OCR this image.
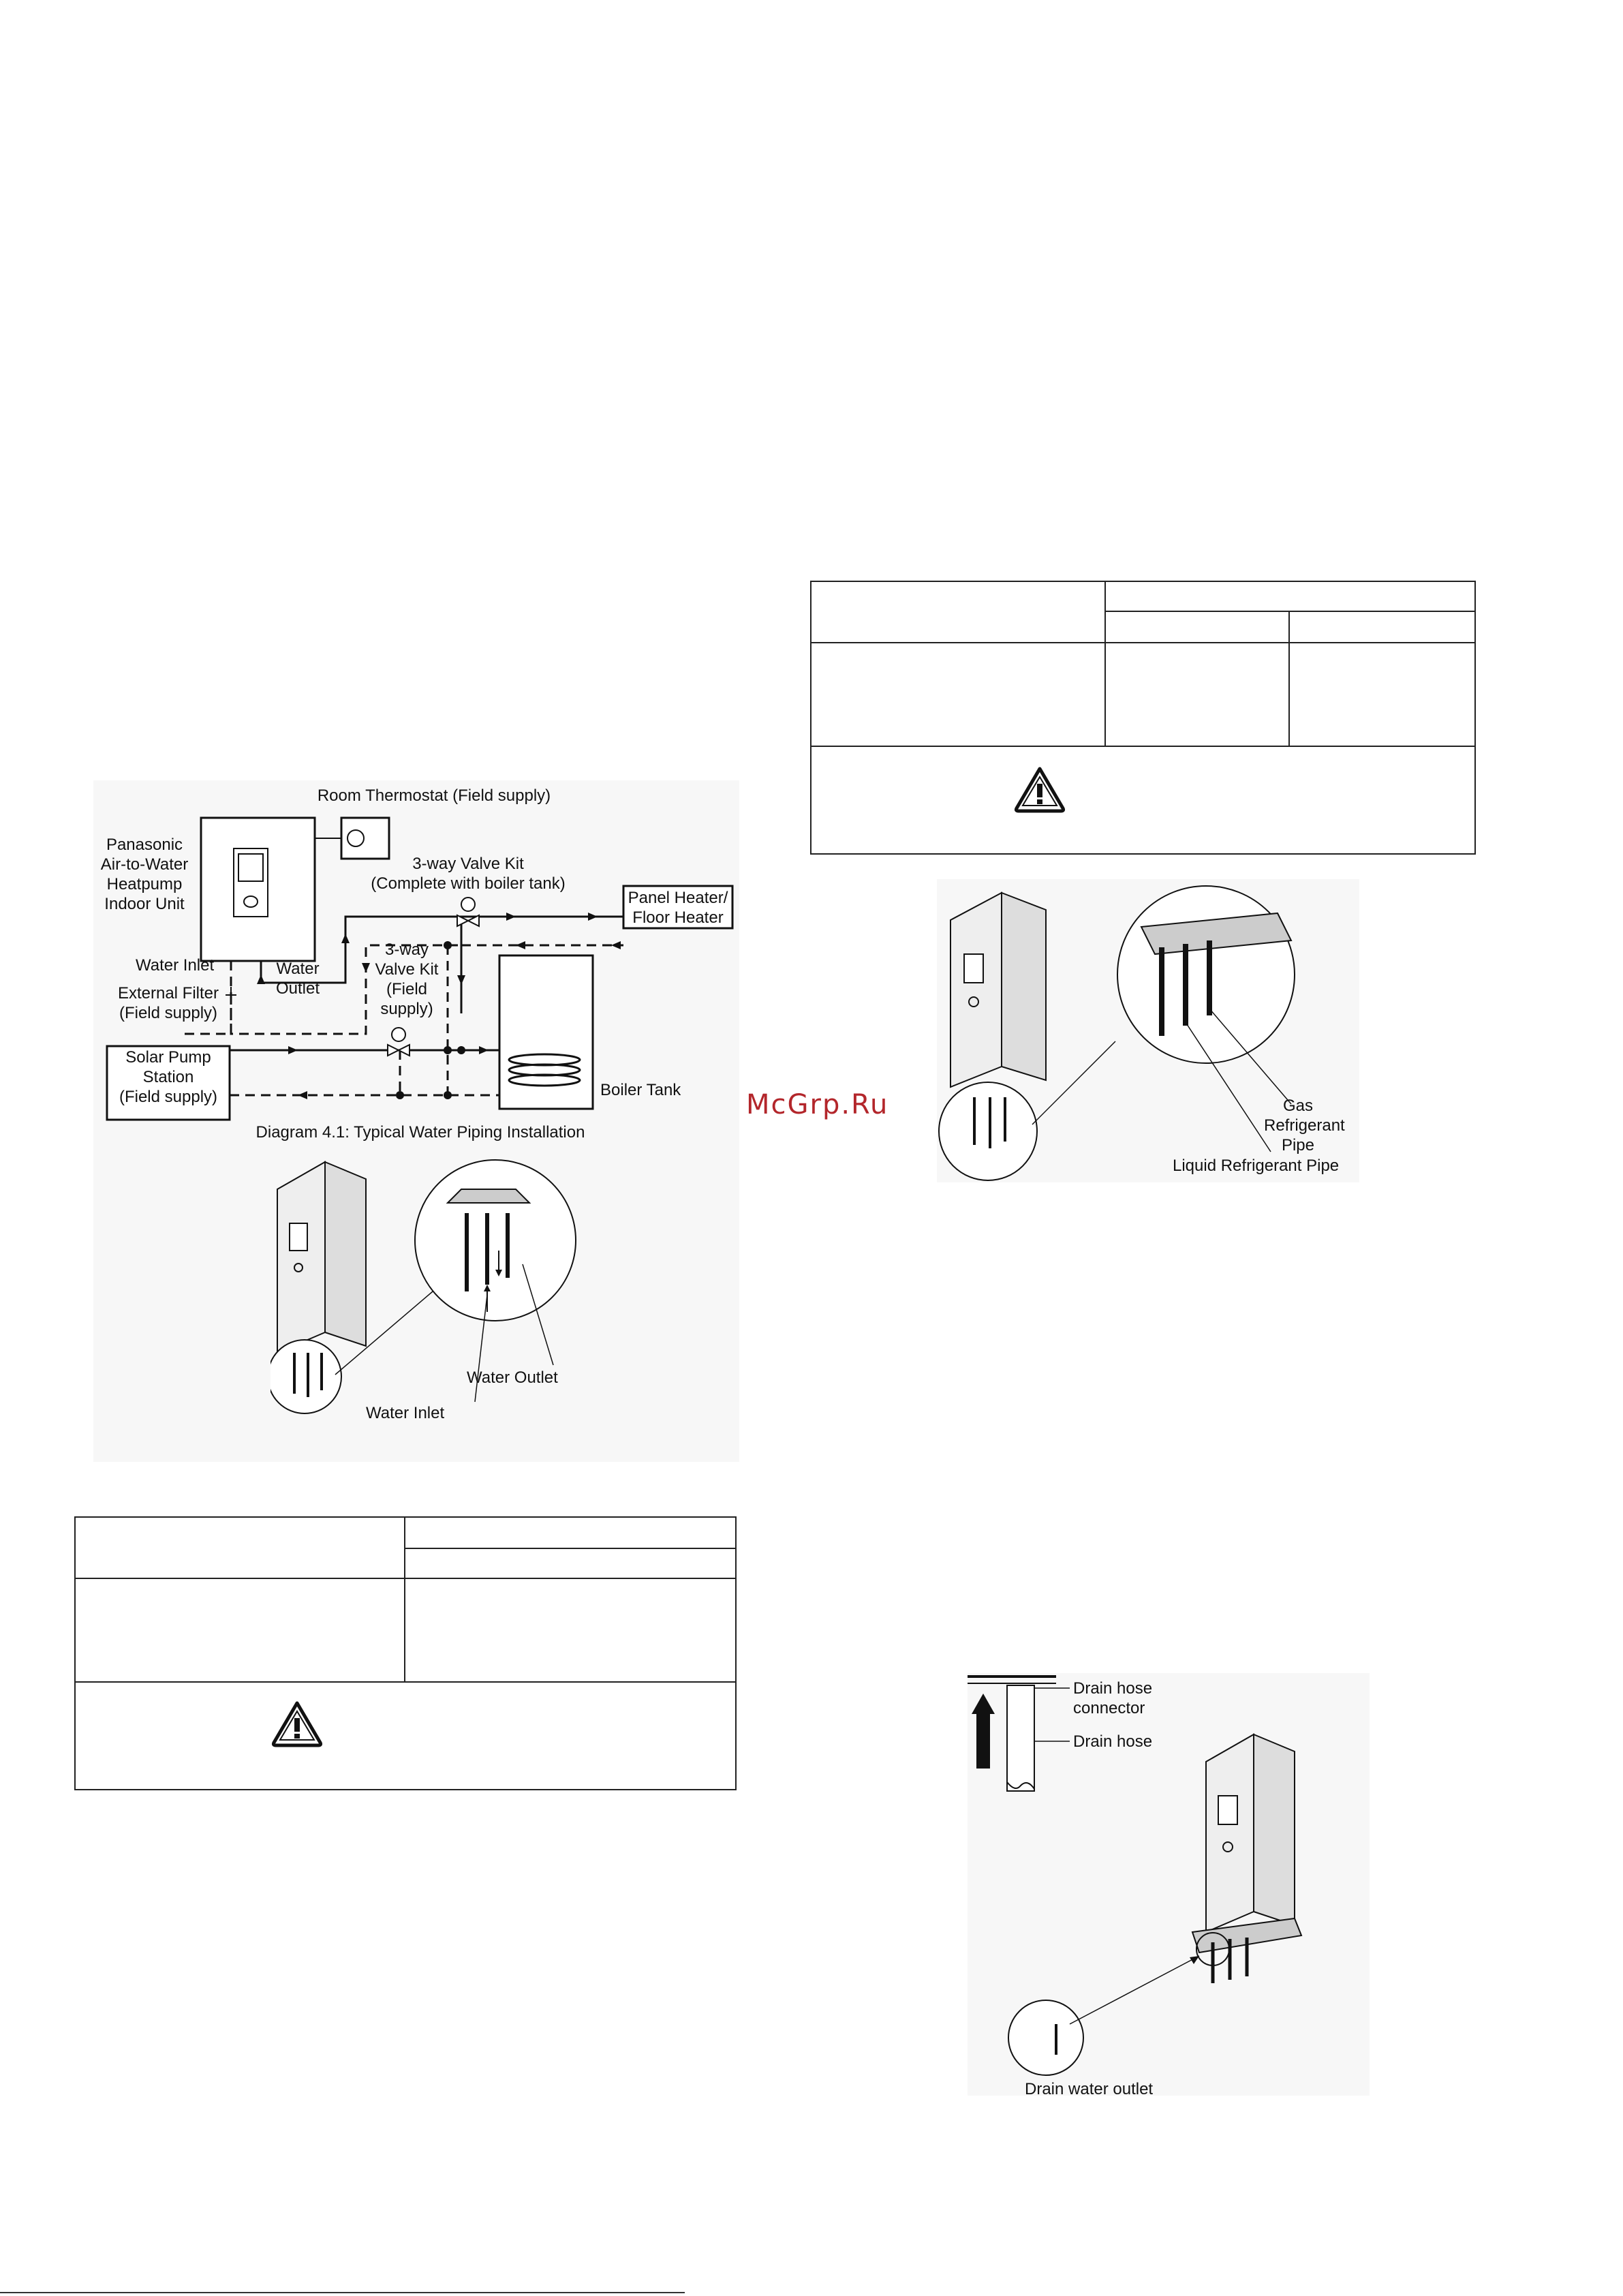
McGrp.Ru
Room Thermostat (Field supply)
Panasonic
Air-to-Water
Heatpump
Indoor Unit
3-way Valve Kit
(Complete with boiler tank)
Panel Heater/
Floor Heater
3-way
Valve Kit
(Field
supply)
Water
Outlet
Water Inlet
External Filter
(Field supply)
Solar Pump
Station
(Field supply)	Boiler Tank
Diagram 4.1: Typical Water Piping Installation
Water Outlet
Water Inlet
Gas
Refrigerant
Pipe
Liquid Refrigerant Pipe
Drain hose
connector
Drain hose
Drain water outlet
